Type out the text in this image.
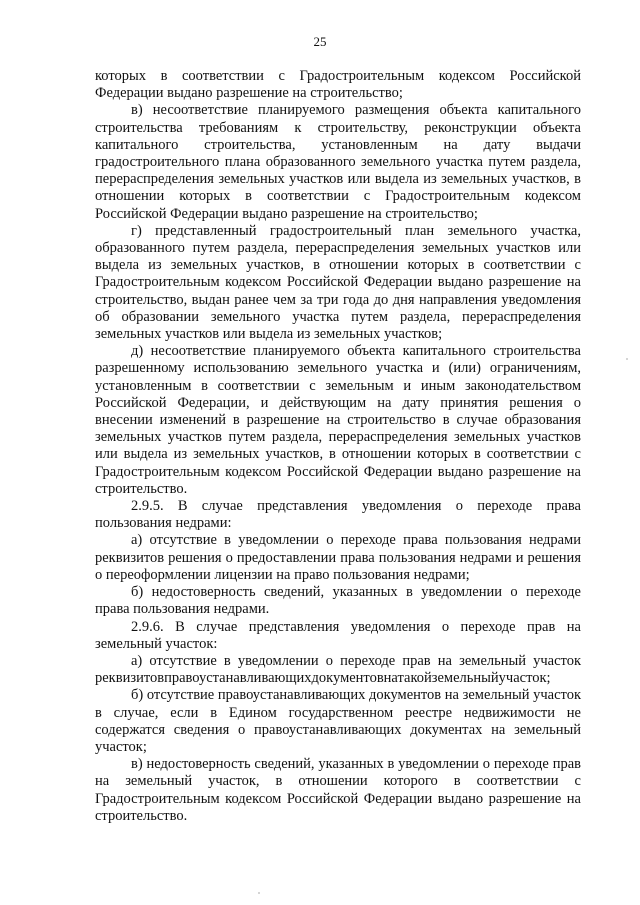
25

которых в соответствии с Градостроительным кодексом Российской Федерации выдано разрешение на строительство;

в) несоответствие планируемого размещения объекта капитального строительства требованиям к строительству, реконструкции объекта капитального строительства, установленным на дату выдачи градостроительного плана образованного земельного участка путем раздела, перераспределения земельных участков или выдела из земельных участков, в отношении которых в соответствии с Градостроительным кодексом Российской Федерации выдано разрешение на строительство;

г) представленный градостроительный план земельного участка, образованного путем раздела, перераспределения земельных участков или выдела из земельных участков, в отношении которых в соответствии с Градостроительным кодексом Российской Федерации выдано разрешение на строительство, выдан ранее чем за три года до дня направления уведомления об образовании земельного участка путем раздела, перераспределения земельных участков или выдела из земельных участков;

д) несоответствие планируемого объекта капитального строительства разрешенному использованию земельного участка и (или) ограничениям, установленным в соответствии с земельным и иным законодательством Российской Федерации, и действующим на дату принятия решения о внесении изменений в разрешение на строительство в случае образования земельных участков путем раздела, перераспределения земельных участков или выдела из земельных участков, в отношении которых в соответствии с Градостроительным кодексом Российской Федерации выдано разрешение на строительство.

2.9.5. В случае представления уведомления о переходе права пользования недрами:

а) отсутствие в уведомлении о переходе права пользования недрами реквизитов решения о предоставлении права пользования недрами и решения о переоформлении лицензии на право пользования недрами;

б) недостоверность сведений, указанных в уведомлении о переходе права пользования недрами.

2.9.6. В случае представления уведомления о переходе прав на земельный участок:

а) отсутствие в уведомлении о переходе прав на земельный участок реквизитовправоустанавливающихдокументовнатакойземельныйучасток;

б) отсутствие правоустанавливающих документов на земельный участок в случае, если в Едином государственном реестре недвижимости не содержатся сведения о правоустанавливающих документах на земельный участок;

в) недостоверность сведений, указанных в уведомлении о переходе прав на земельный участок, в отношении которого в соответствии с Градостроительным кодексом Российской Федерации выдано разрешение на строительство.
